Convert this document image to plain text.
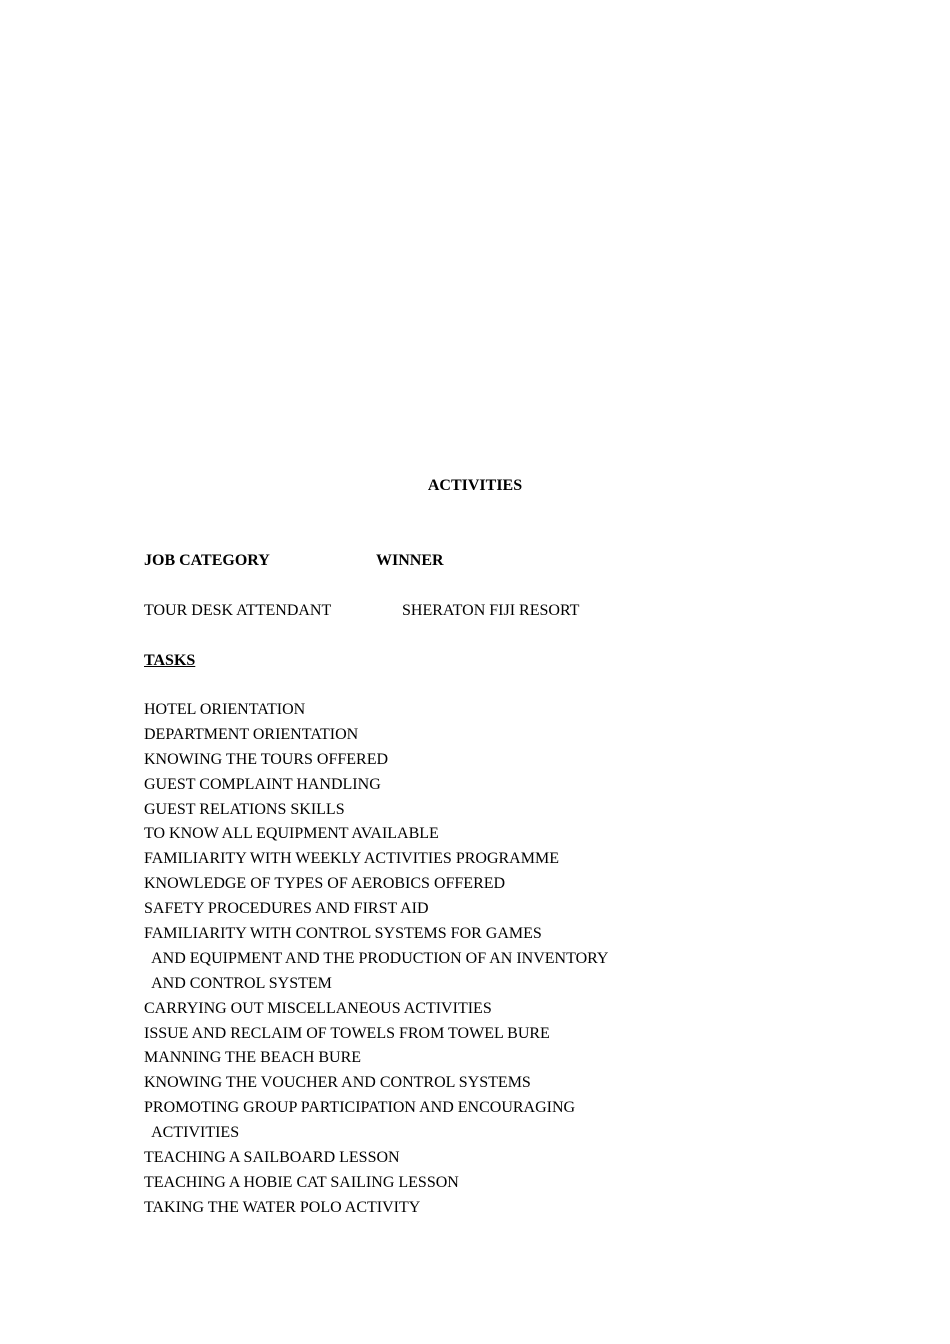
ACTIVITIES
JOB CATEGORY	WINNER
TOUR DESK ATTENDANT	SHERATON FIJI RESORT
TASKS
HOTEL ORIENTATION
DEPARTMENT ORIENTATION
KNOWING THE TOURS OFFERED
GUEST COMPLAINT HANDLING
GUEST RELATIONS SKILLS
TO KNOW ALL EQUIPMENT AVAILABLE
FAMILIARITY WITH WEEKLY ACTIVITIES PROGRAMME
KNOWLEDGE OF TYPES OF AEROBICS OFFERED
SAFETY PROCEDURES AND FIRST AID
FAMILIARITY WITH CONTROL SYSTEMS FOR GAMES
AND EQUIPMENT AND THE PRODUCTION OF AN INVENTORY
AND CONTROL SYSTEM
CARRYING OUT MISCELLANEOUS ACTIVITIES
ISSUE AND RECLAIM OF TOWELS FROM TOWEL BURE
MANNING THE BEACH BURE
KNOWING THE VOUCHER AND CONTROL SYSTEMS
PROMOTING GROUP PARTICIPATION AND ENCOURAGING
ACTIVITIES
TEACHING A SAILBOARD LESSON
TEACHING A HOBIE CAT SAILING LESSON
TAKING THE WATER POLO ACTIVITY
